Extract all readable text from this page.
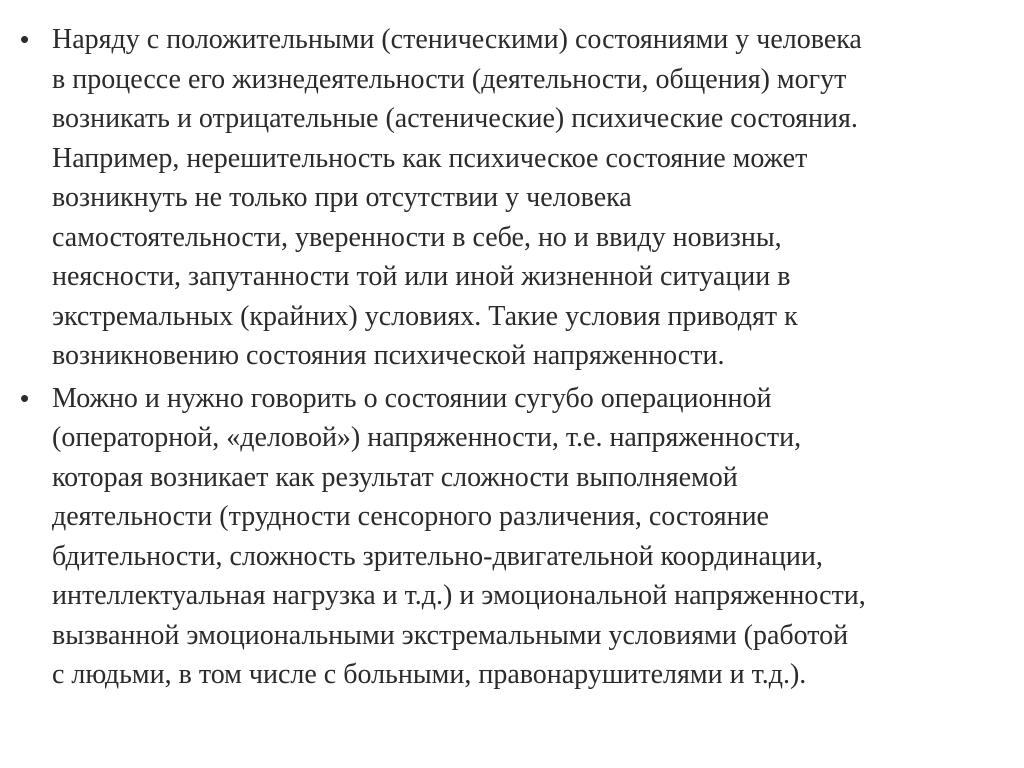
• Наряду с положительными (стеническими) состояниями у человека
в процессе его жизнедеятельности (деятельности, общения) могут
возникать и отрицательные (астенические) психические состояния.
Например, нерешительность как психическое состояние может
возникнуть не только при отсутствии у человека
самостоятельности, уверенности в себе, но и ввиду новизны,
неясности, запутанности той или иной жизненной ситуации в
экстремальных (крайних) условиях. Такие условия приводят к
возникновению состояния психической напряженности.
• Можно и нужно говорить о состоянии сугубо операционной
(операторной, «деловой») напряженности, т.е. напряженности,
которая возникает как результат сложности выполняемой
деятельности (трудности сенсорного различения, состояние
бдительности, сложность зрительно-двигательной координации,
интеллектуальная нагрузка и т.д.) и эмоциональной напряженности,
вызванной эмоциональными экстремальными условиями (работой
с людьми, в том числе с больными, правонарушителями и т.д.).
